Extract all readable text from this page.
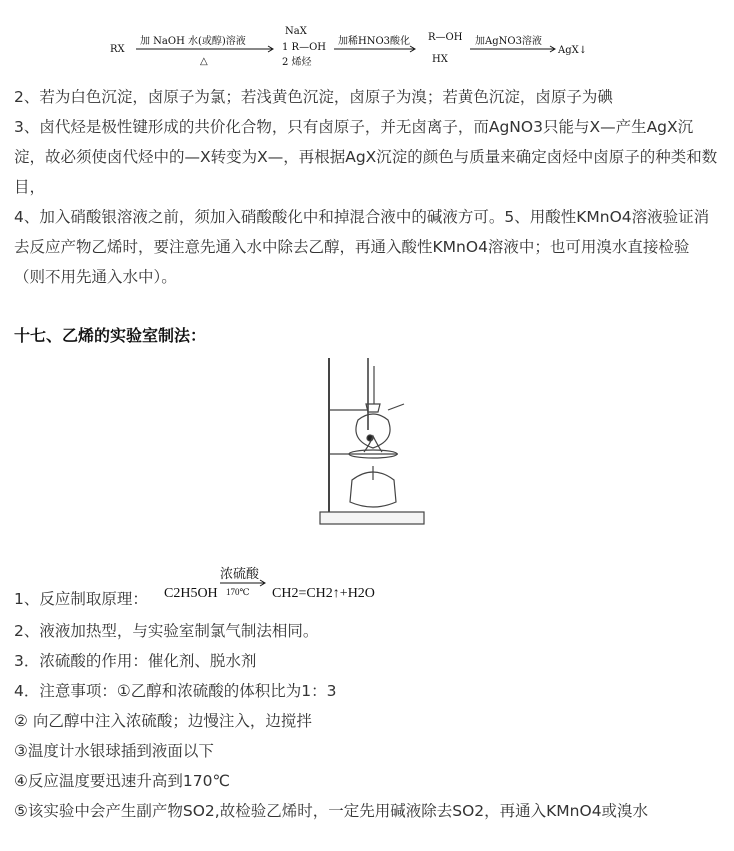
RX
加 NaOH 水(或醇)溶液
△
NaX
1 R—OH
2 烯烃
加稀HNO3酸化 R—OH
HX
加AgNO3溶液
AgX↓

2、若为白色沉淀，卤原子为氯；若浅黄色沉淀，卤原子为溴；若黄色沉淀，卤原子为碘

3、卤代烃是极性键形成的共价化合物，只有卤原子，并无卤离子，而AgNO3只能与X—产生AgX沉淀，故必须使卤代烃中的—X转变为X—，再根据AgX沉淀的颜色与质量来确定卤烃中卤原子的种类和数目，

4、加入硝酸银溶液之前，须加入硝酸酸化中和掉混合液中的碱液方可。5、用酸性KMnO4溶液验证消去反应产物乙烯时，要注意先通入水中除去乙醇，再通入酸性KMnO4溶液中；也可用溴水直接检验（则不用先通入水中）。

十七、乙烯的实验室制法：

1、反应制取原理： C2H5OH
浓硫酸
170℃ CH2=CH2↑+H2O
2、液液加热型，与实验室制氯气制法相同。
3．浓硫酸的作用：催化剂、脱水剂
4．注意事项：①乙醇和浓硫酸的体积比为1：3
② 向乙醇中注入浓硫酸；边慢注入，边搅拌
③温度计水银球插到液面以下
④反应温度要迅速升高到170℃
⑤该实验中会产生副产物SO2,故检验乙烯时，一定先用碱液除去SO2，再通入KMnO4或溴水
